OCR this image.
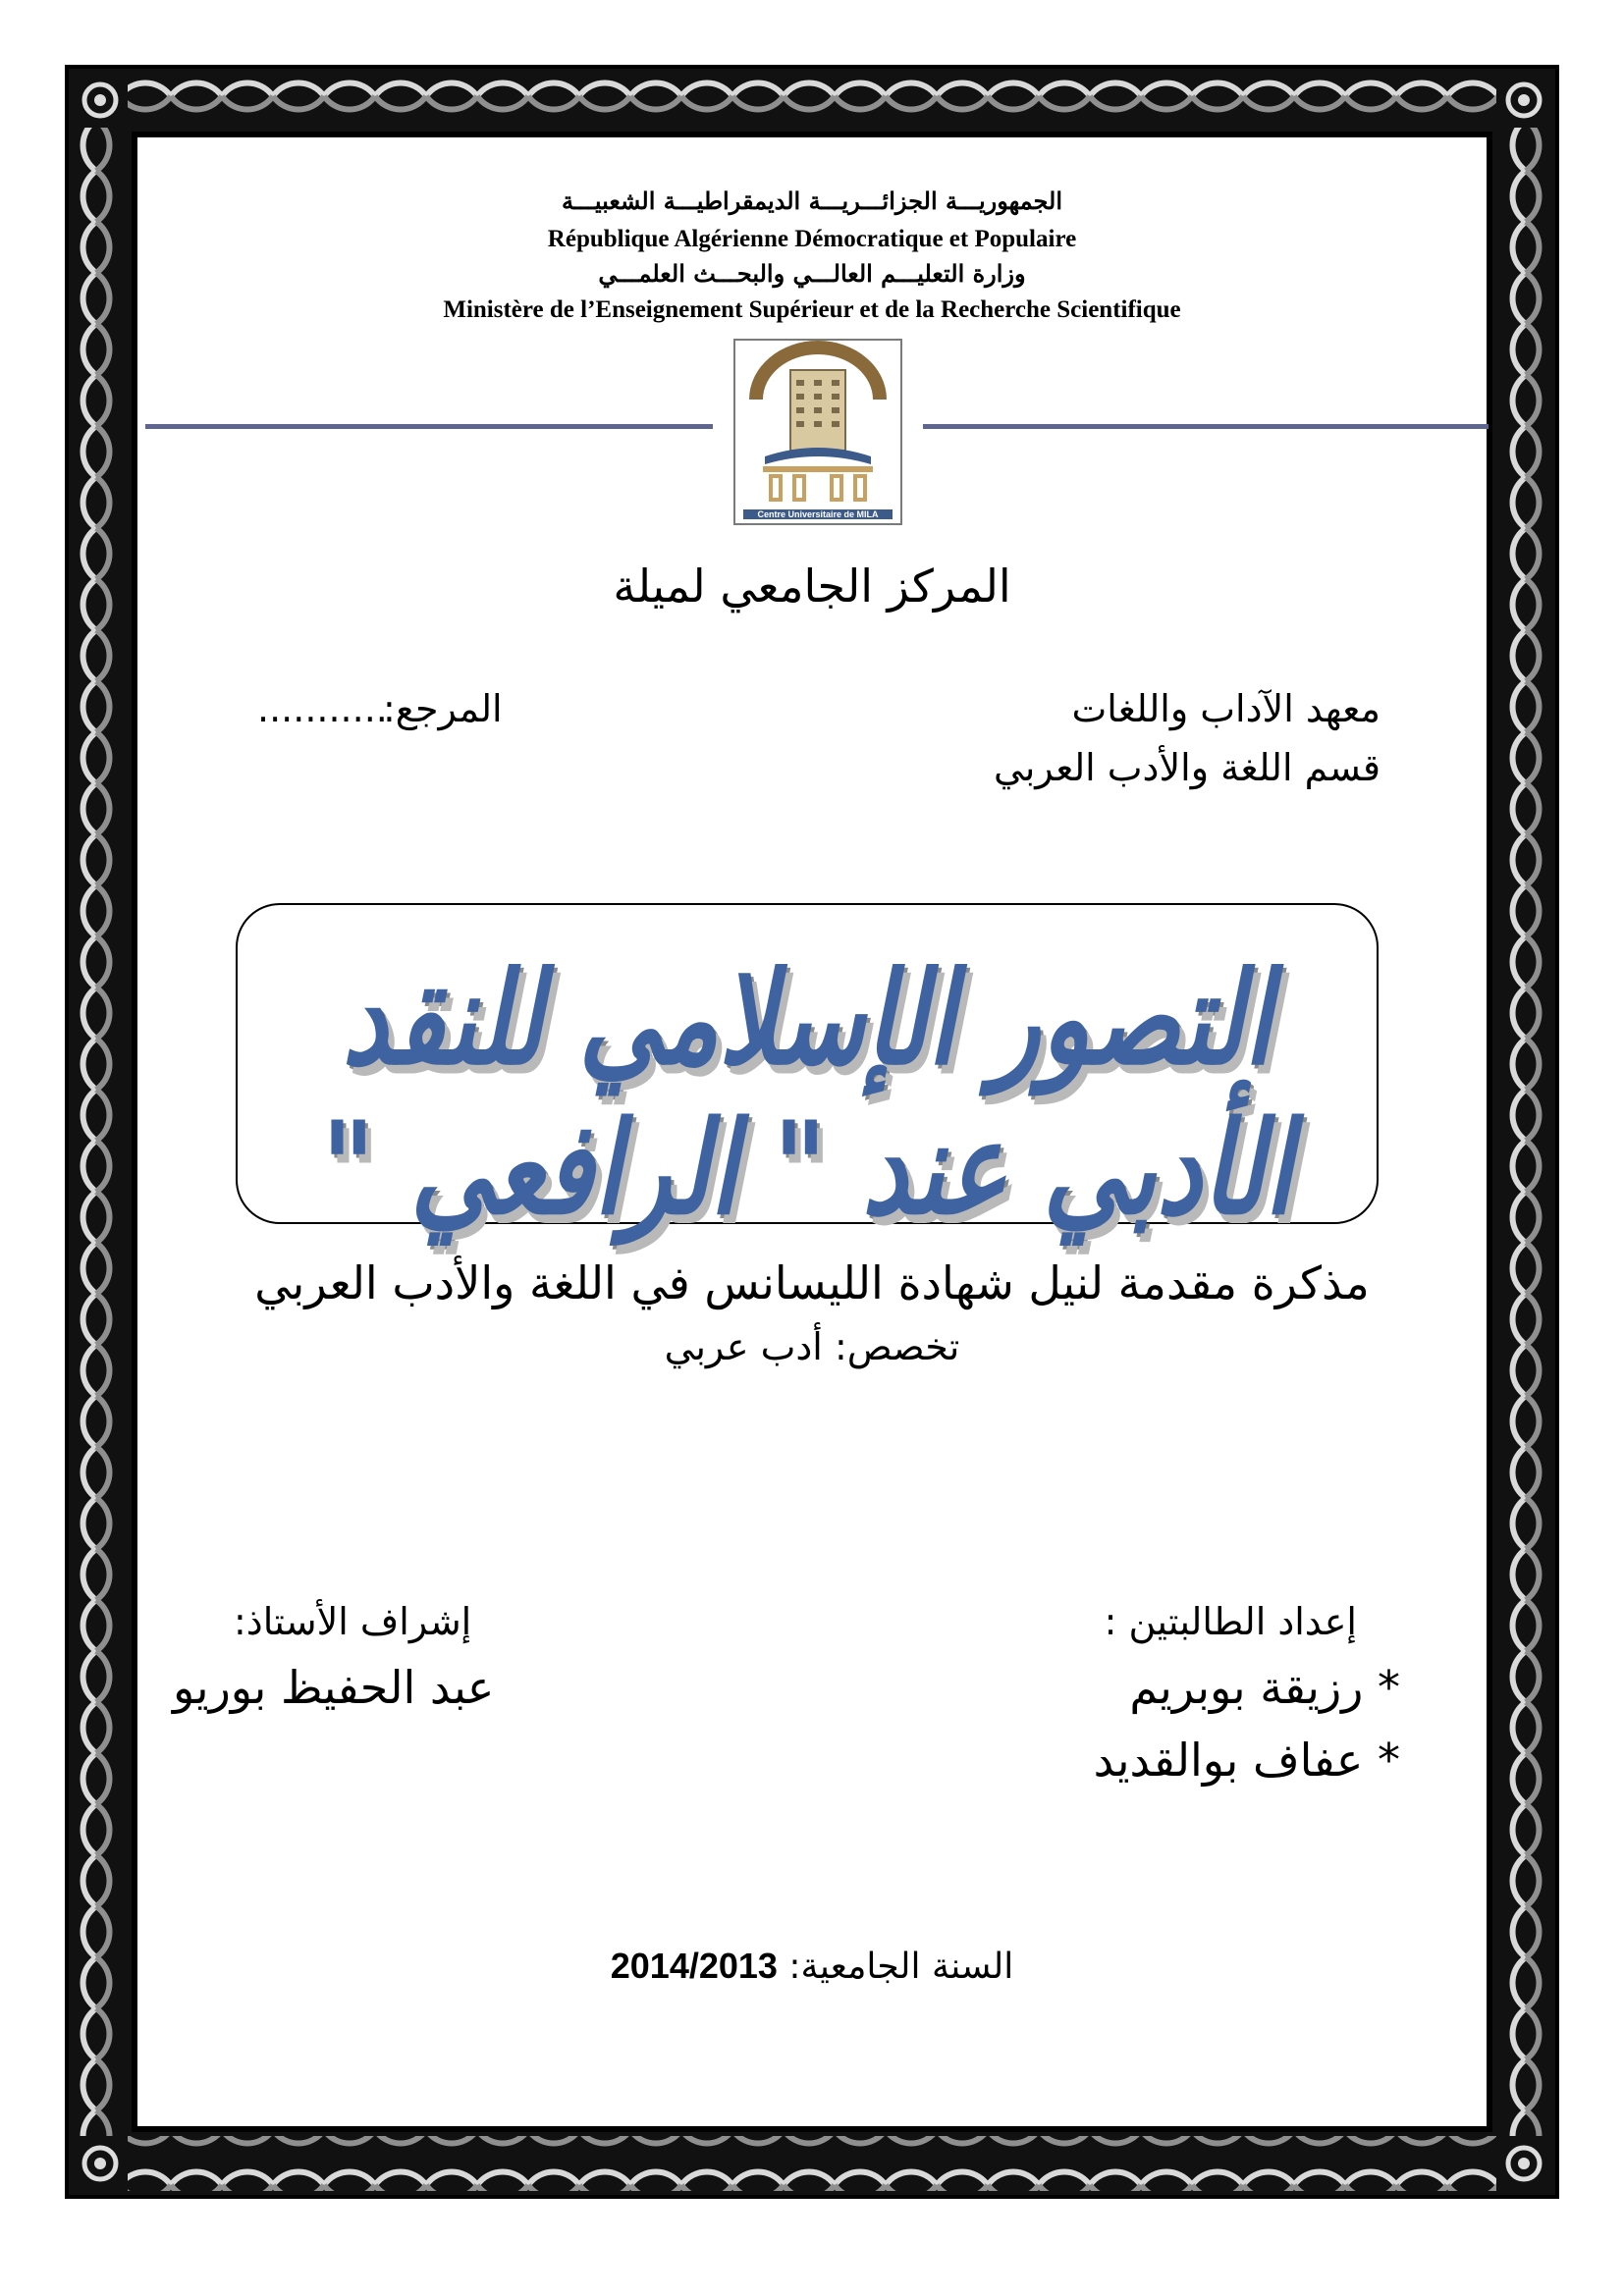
الجمهوريـــة الجزائـــريـــة الديمقراطيـــة الشعبيـــة
République Algérienne Démocratique et Populaire
وزارة التعليـــم العالـــي والبحـــث العلمـــي
Ministère de l’Enseignement Supérieur et de la Recherche Scientifique
Centre Universitaire de MILA
المركز الجامعي لميلة
معهد الآداب واللغات
...........
المرجع:
قسم اللغة والأدب العربي
التصور الإسلامي للنقد الأدبي عند " الرافعي "
مذكرة مقدمة لنيل شهادة الليسانس في اللغة والأدب العربي
تخصص: أدب عربي
إعداد الطالبتين :
* رزيقة بوبريم
* عفاف بوالقديد
إشراف الأستاذ:
عبد الحفيظ بوريو
السنة الجامعية: 2014/2013
